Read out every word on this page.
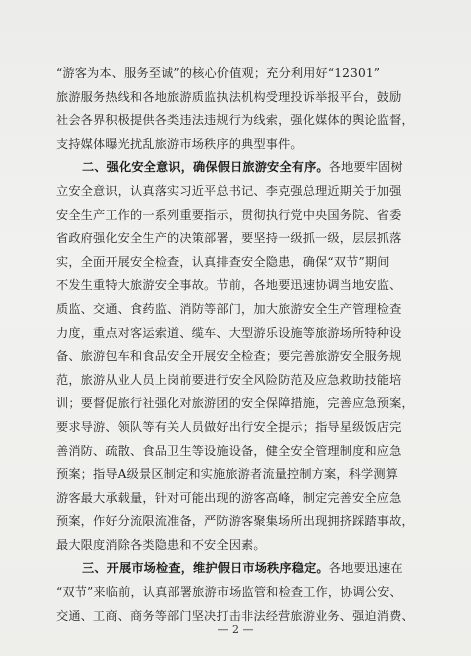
“游客为本、服务至诚”的核心价值观；充分利用好“12301”
旅游服务热线和各地旅游质监执法机构受理投诉举报平台，鼓励
社会各界积极提供各类违法违规行为线索，强化媒体的舆论监督，
支持媒体曝光扰乱旅游市场秩序的典型事件。
二、强化安全意识，确保假日旅游安全有序。各地要牢固树
立安全意识，认真落实习近平总书记、李克强总理近期关于加强
安全生产工作的一系列重要指示，贯彻执行党中央国务院、省委
省政府强化安全生产的决策部署，要坚持一级抓一级，层层抓落
实，全面开展安全检查，认真排查安全隐患，确保“双节”期间
不发生重特大旅游安全事故。节前，各地要迅速协调当地安监、
质监、交通、食药监、消防等部门，加大旅游安全生产管理检查
力度，重点对客运索道、缆车、大型游乐设施等旅游场所特种设
备、旅游包车和食品安全开展安全检查；要完善旅游安全服务规
范，旅游从业人员上岗前要进行安全风险防范及应急救助技能培
训；要督促旅行社强化对旅游团的安全保障措施，完善应急预案，
要求导游、领队等有关人员做好出行安全提示；指导星级饭店完
善消防、疏散、食品卫生等设施设备，健全安全管理制度和应急
预案；指导A级景区制定和实施旅游者流量控制方案，科学测算
游客最大承载量，针对可能出现的游客高峰，制定完善安全应急
预案，作好分流限流准备，严防游客聚集场所出现拥挤踩踏事故，
最大限度消除各类隐患和不安全因素。
三、开展市场检查，维护假日市场秩序稳定。各地要迅速在
“双节”来临前，认真部署旅游市场监管和检查工作，协调公安、
交通、工商、商务等部门坚决打击非法经营旅游业务、强迫消费、
— 2 —
